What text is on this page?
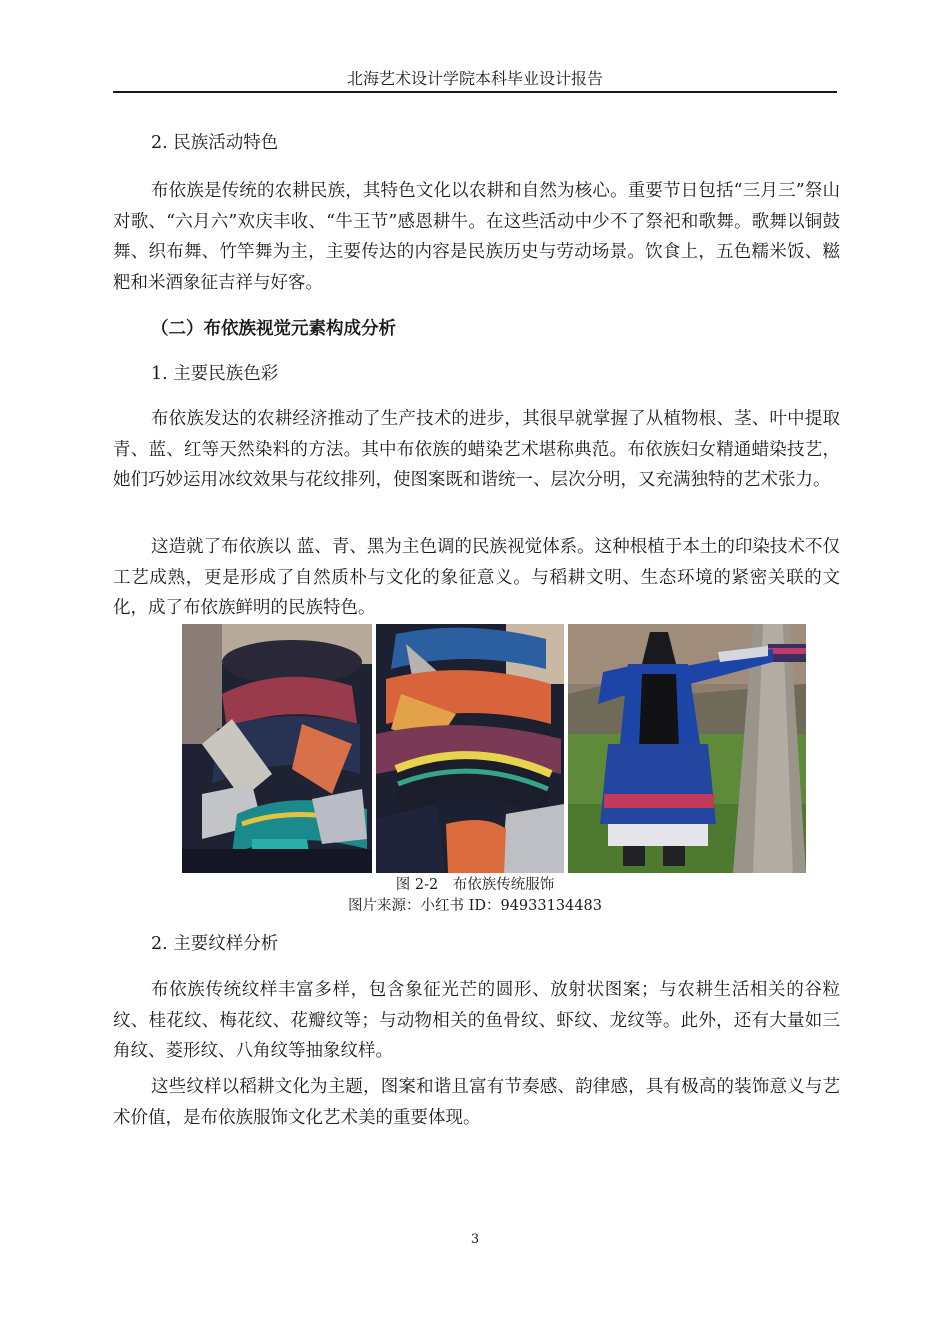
北海艺术设计学院本科毕业设计报告
2. 民族活动特色

布依族是传统的农耕民族，其特色文化以农耕和自然为核心。重要节日包括“三月三”祭山对歌、“六月六”欢庆丰收、“牛王节”感恩耕牛。在这些活动中少不了祭祀和歌舞。歌舞以铜鼓舞、织布舞、竹竿舞为主，主要传达的内容是民族历史与劳动场景。饮食上，五色糯米饭、糍粑和米酒象征吉祥与好客。

（二）布依族视觉元素构成分析
1. 主要民族色彩

布依族发达的农耕经济推动了生产技术的进步，其很早就掌握了从植物根、茎、叶中提取青、蓝、红等天然染料的方法。其中布依族的蜡染艺术堪称典范。布依族妇女精通蜡染技艺，她们巧妙运用冰纹效果与花纹排列，使图案既和谐统一、层次分明，又充满独特的艺术张力。

这造就了布依族以 蓝、青、黑为主色调的民族视觉体系。这种根植于本土的印染技术不仅工艺成熟，更是形成了自然质朴与文化的象征意义。与稻耕文明、生态环境的紧密关联的文化，成了布依族鲜明的民族特色。

图 2-2　布依族传统服饰
图片来源：小红书 ID：94933134483
2. 主要纹样分析

布依族传统纹样丰富多样，包含象征光芒的圆形、放射状图案；与农耕生活相关的谷粒纹、桂花纹、梅花纹、花瓣纹等；与动物相关的鱼骨纹、虾纹、龙纹等。此外，还有大量如三角纹、菱形纹、八角纹等抽象纹样。

这些纹样以稻耕文化为主题，图案和谐且富有节奏感、韵律感，具有极高的装饰意义与艺术价值，是布依族服饰文化艺术美的重要体现。

3
